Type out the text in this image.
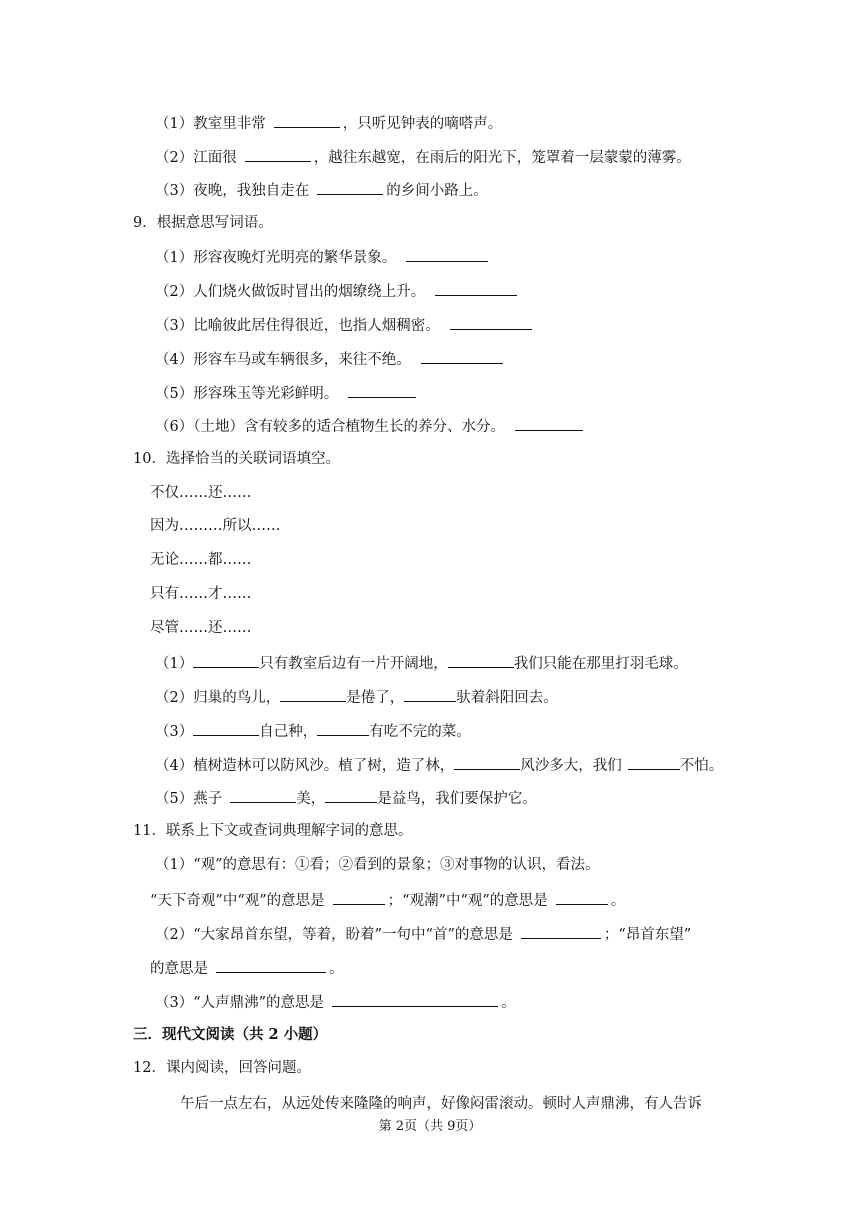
（1）教室里非常	，只听见钟表的嘀嗒声。
（2）江面很	，越往东越宽，在雨后的阳光下，笼罩着一层蒙蒙的薄雾。
（3）夜晚，我独自走在	的乡间小路上。
9．根据意思写词语。
（1）形容夜晚灯光明亮的繁华景象。
（2）人们烧火做饭时冒出的烟缭绕上升。
（3）比喻彼此居住得很近，也指人烟稠密。
（4）形容车马或车辆很多，来往不绝。
（5）形容珠玉等光彩鲜明。
（6）（土地）含有较多的适合植物生长的养分、水分。
10．选择恰当的关联词语填空。
不仅……还……
因为………所以……
无论……都……
只有……才……
尽管……还……
（1）	只有教室后边有一片开阔地，	我们只能在那里打羽毛球。
（2）归巢的鸟儿，	是倦了，	驮着斜阳回去。
（3）	自己种，	有吃不完的菜。
（4）植树造林可以防风沙。植了树，造了林，	风沙多大，我们	不怕。
（5）燕子	美，	是益鸟，我们要保护它。
11．联系上下文或查词典理解字词的意思。
（1）“观”的意思有：①看；②看到的景象；③对事物的认识，看法。
“天下奇观”中“观”的意思是	；“观潮”中“观”的意思是	。
（2）“大家昂首东望，等着，盼着”一句中“首”的意思是	；“昂首东望”
的意思是	。
（3）“人声鼎沸”的意思是	。
三．现代文阅读（共 2 小题）
12．课内阅读，回答问题。
午后一点左右，从远处传来隆隆的响声，好像闷雷滚动。顿时人声鼎沸，有人告诉
第 2页（共 9页）
